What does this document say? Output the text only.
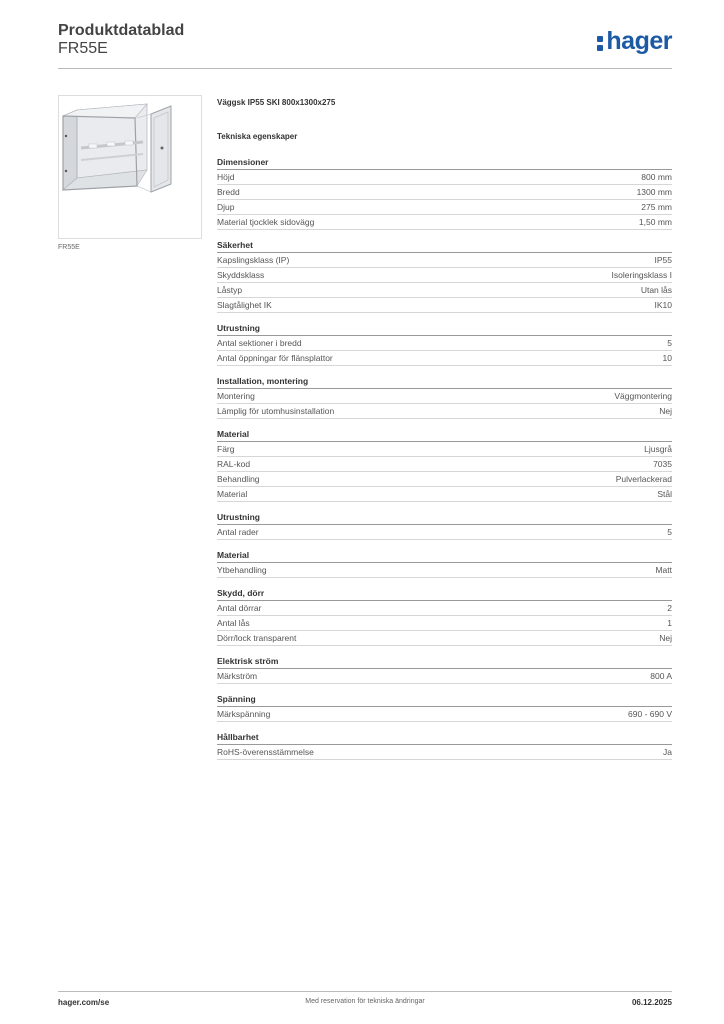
Produktdatablad
FR55E	hager
FR55E
Väggsk IP55 SKI 800x1300x275
Tekniska egenskaper
Dimensioner
Höjd	800 mm
Bredd	1300 mm
Djup	275 mm
Material tjocklek sidovägg	1,50 mm
Säkerhet
Kapslingsklass (IP)	IP55
Skyddsklass	Isoleringsklass I
Låstyp	Utan lås
Slagtålighet IK	IK10
Utrustning
Antal sektioner i bredd	5
Antal öppningar för flänsplattor	10
Installation, montering
Montering	Väggmontering
Lämplig för utomhusinstallation	Nej
Material
Färg	Ljusgrå
RAL-kod	7035
Behandling	Pulverlackerad
Material	Stål
Utrustning
Antal rader	5
Material
Ytbehandling	Matt
Skydd, dörr
Antal dörrar	2
Antal lås	1
Dörr/lock transparent	Nej
Elektrisk ström
Märkström	800 A
Spänning
Märkspänning	690 - 690 V
Hållbarhet
RoHS-överensstämmelse	Ja
hager.com/se	Med reservation för tekniska ändringar	06.12.2025
